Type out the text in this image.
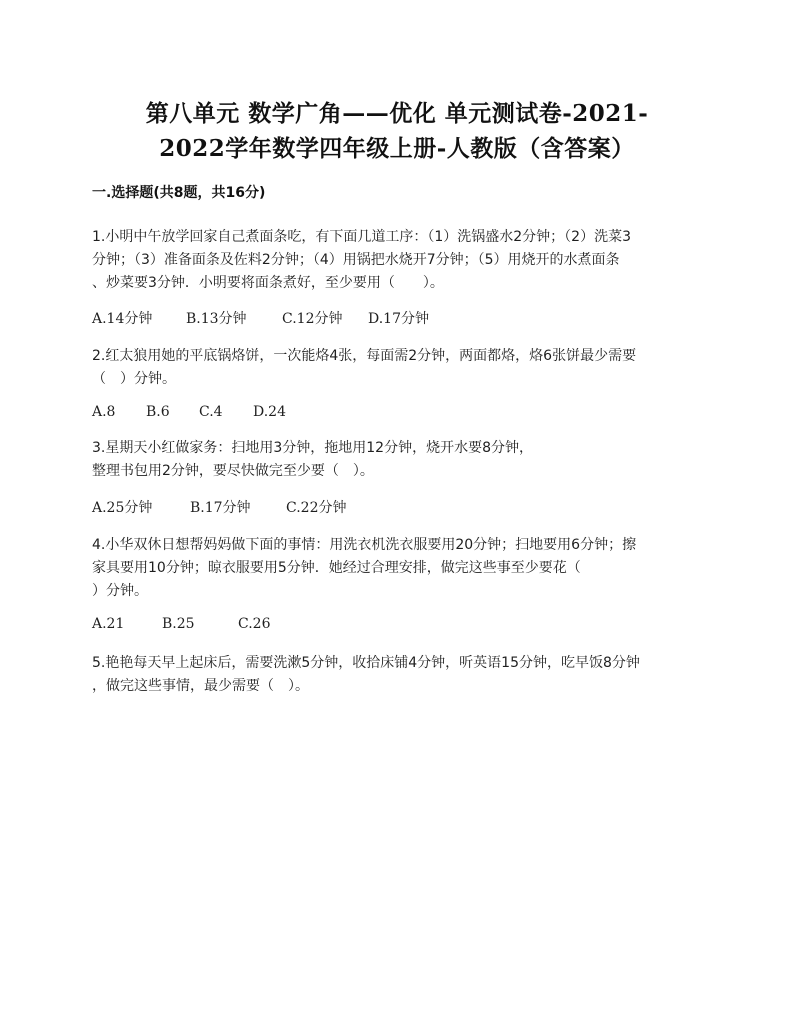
第八单元 数学广角——优化 单元测试卷-2021-
2022学年数学四年级上册-人教版（含答案）
一.选择题(共8题，共16分)
1.小明中午放学回家自己煮面条吃，有下面几道工序：（1）洗锅盛水2分钟；（2）洗菜3
分钟；（3）准备面条及佐料2分钟；（4）用锅把水烧开7分钟；（5）用烧开的水煮面条
、炒菜要3分钟．小明要将面条煮好，至少要用（　　）。
A.14分钟	B.13分钟	C.12分钟	D.17分钟
2.红太狼用她的平底锅烙饼，一次能烙4张，每面需2分钟，两面都烙，烙6张饼最少需要
（　）分钟。
A.8	B.6	C.4	D.24
3.星期天小红做家务：扫地用3分钟，拖地用12分钟，烧开水要8分钟，
整理书包用2分钟，要尽快做完至少要（　）。
A.25分钟	B.17分钟	C.22分钟
4.小华双休日想帮妈妈做下面的事情：用洗衣机洗衣服要用20分钟；扫地要用6分钟；擦
家具要用10分钟；晾衣服要用5分钟．她经过合理安排，做完这些事至少要花（
）分钟。
A.21	B.25	C.26
5.艳艳每天早上起床后，需要洗漱5分钟，收拾床铺4分钟，听英语15分钟，吃早饭8分钟
，做完这些事情，最少需要（　）。
